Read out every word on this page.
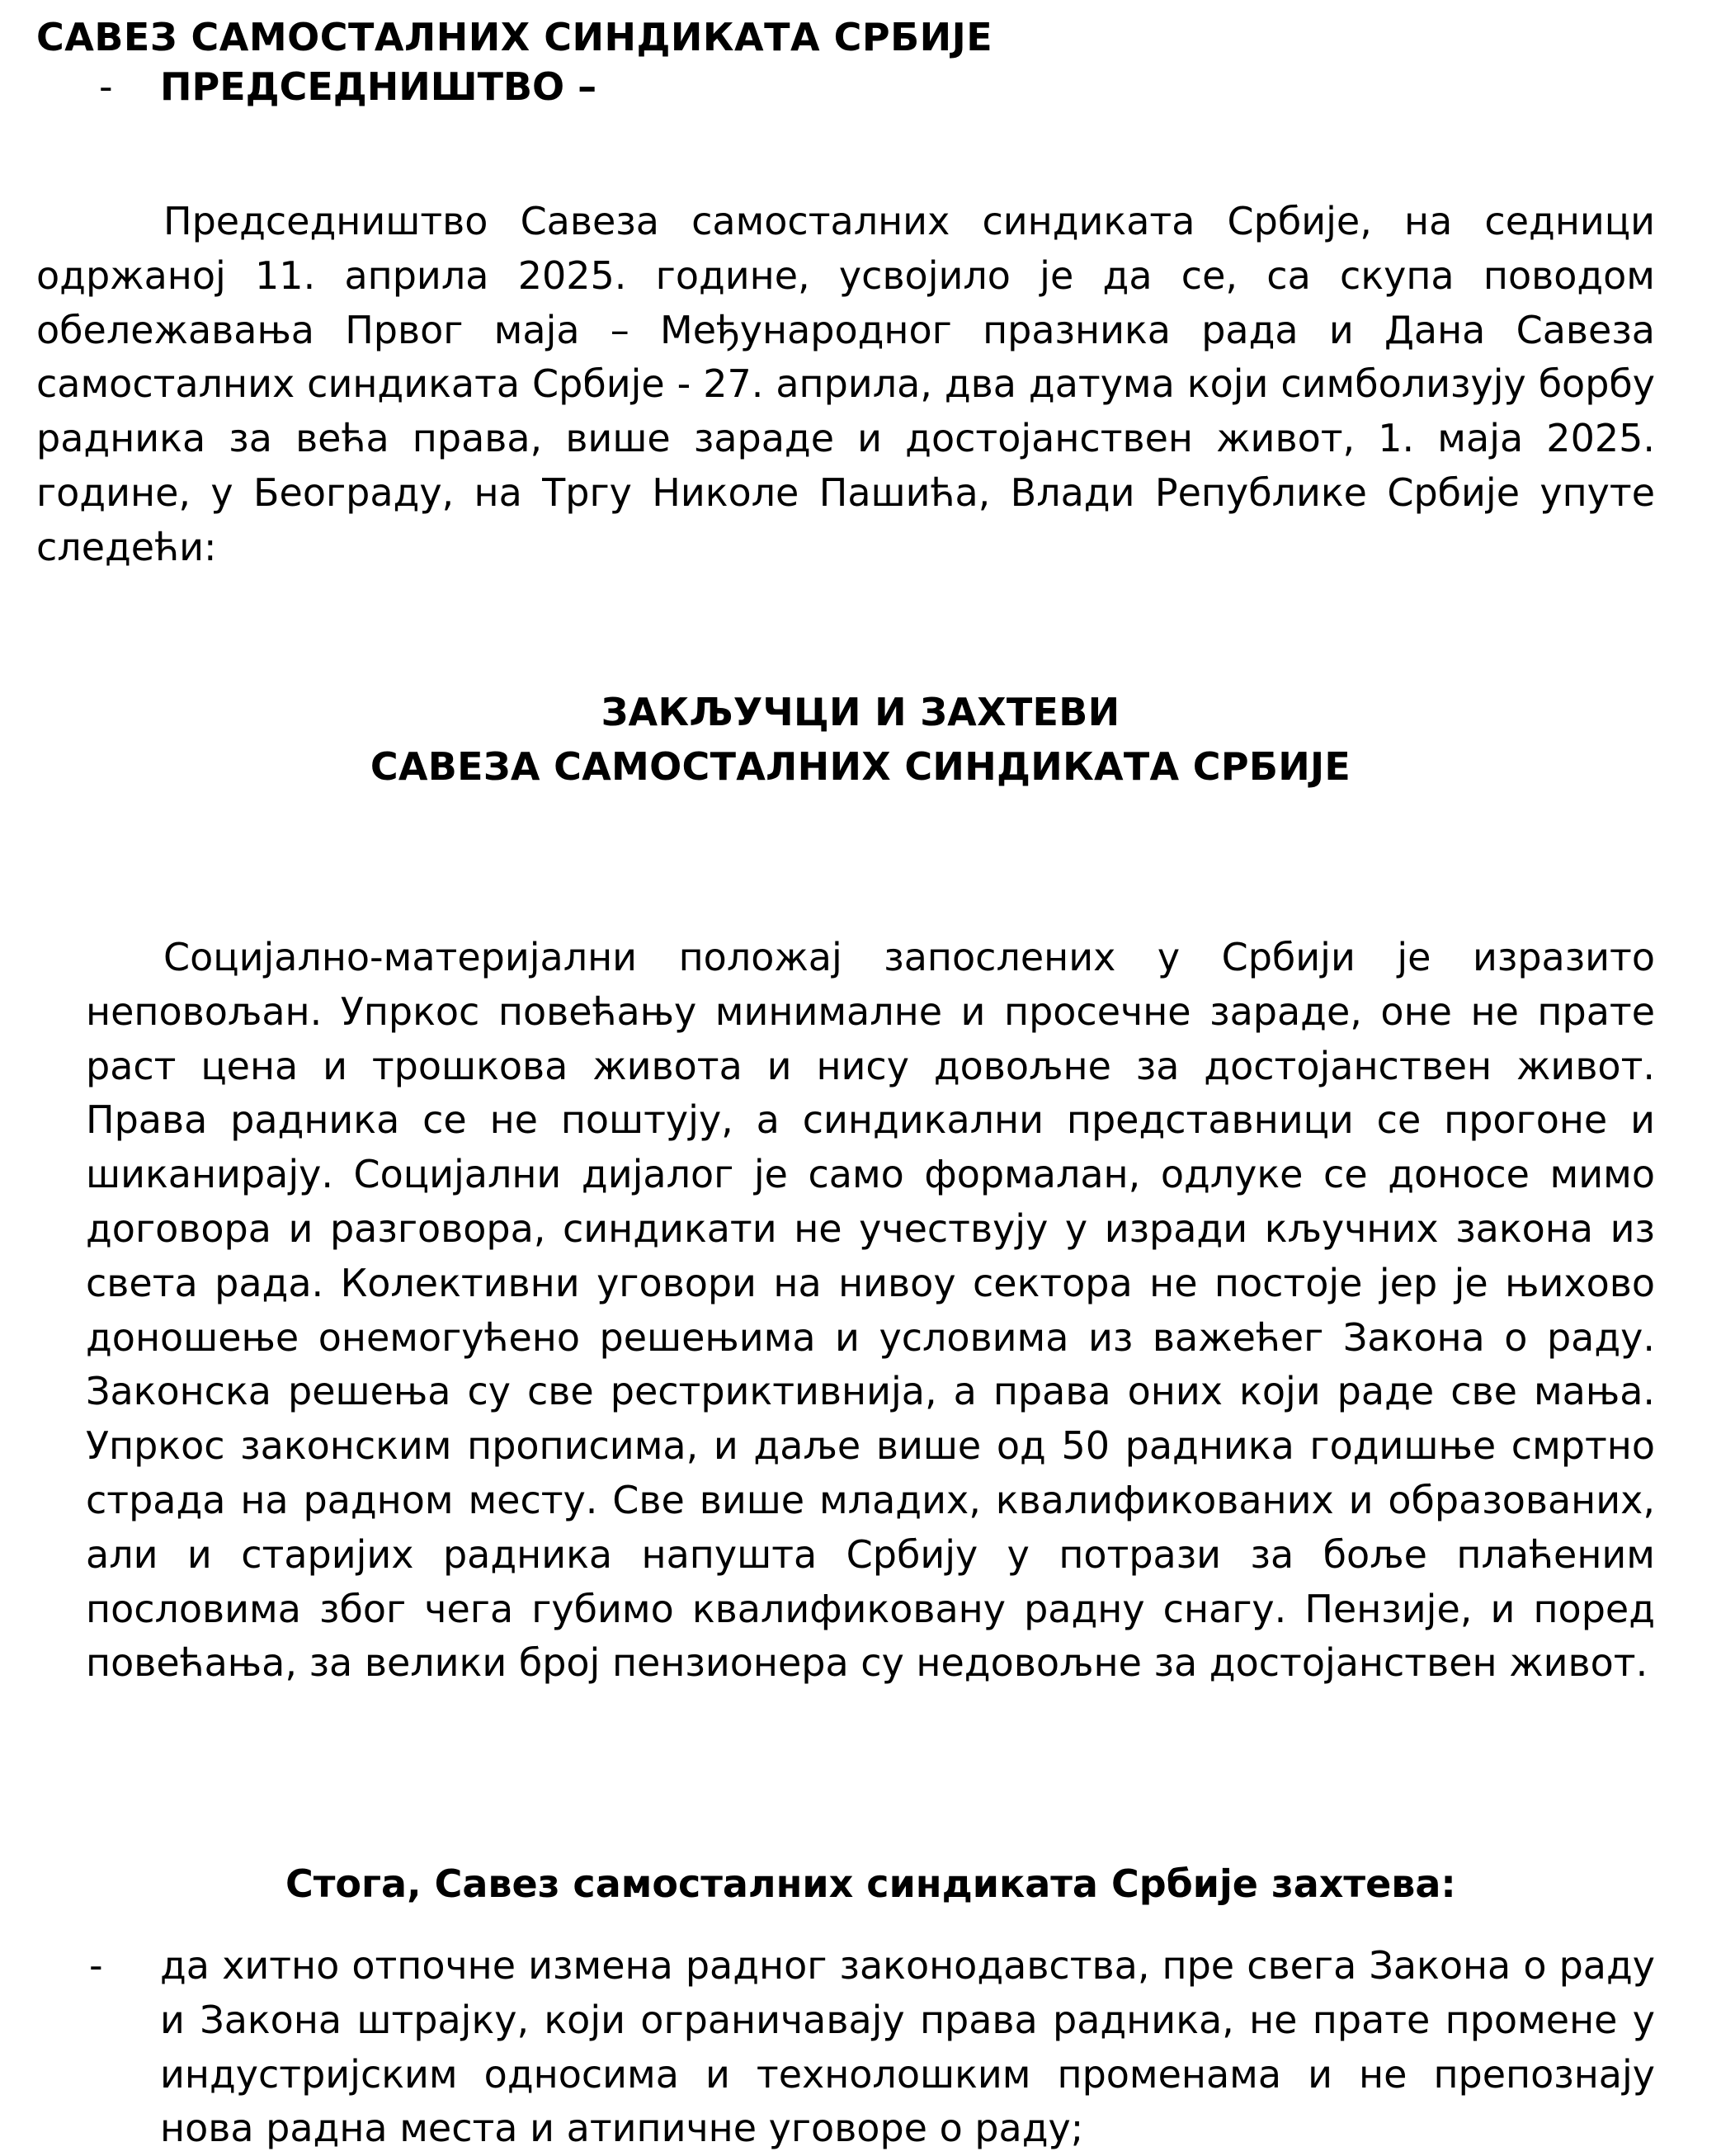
САВЕЗ САМОСТАЛНИХ СИНДИКАТА СРБИЈЕ
- ПРЕДСЕДНИШТВО –

Председништво Савеза самосталних синдиката Србије, на седници одржаној 11. априла 2025. године, усвојило је да се, са скупа поводом обележавања Првог маја – Међународног празника рада и Дана Савеза самосталних синдиката Србије - 27. априла, два датума који симболизују борбу радника за већа права, више зараде и достојанствен живот, 1. маја 2025. године, у Београду, на Тргу Николе Пашића, Влади Републике Србије упуте следећи:

ЗАКЉУЧЦИ И ЗАХТЕВИ
САВЕЗА САМОСТАЛНИХ СИНДИКАТА СРБИЈЕ

Социјално-материјални положај запослених у Србији је изразито неповољан. Упркос повећању минималне и просечне зараде, оне не прате раст цена и трошкова живота и нису довољне за достојанствен живот. Права радника се не поштују, а синдикални представници се прогоне и шиканирају. Социјални дијалог је само формалан, одлуке се доносе мимо договора и разговора, синдикати не учествују у изради кључних закона из света рада. Колективни уговори на нивоу сектора не постоје јер је њихово доношење онемогућено решењима и условима из важећег Закона о раду. Законска решења су све рестриктивнија, а права оних који раде све мања. Упркос законским прописима, и даље више од 50 радника годишње смртно страда на радном месту. Све више младих, квалификованих и образованих, али и старијих радника напушта Србију у потрази за боље плаћеним пословима због чега губимо квалификовану радну снагу. Пензије, и поред повећања, за велики број пензионера су недовољне за достојанствен живот.

Стога, Савез самосталних синдиката Србије захтева:
- да хитно отпочне измена радног законодавства, пре свега Закона о раду и Закона штрајку, који ограничавају права радника, не прате промене у индустријским односима и технолошким променама и не препознају нова радна места и атипичне уговоре о раду;
